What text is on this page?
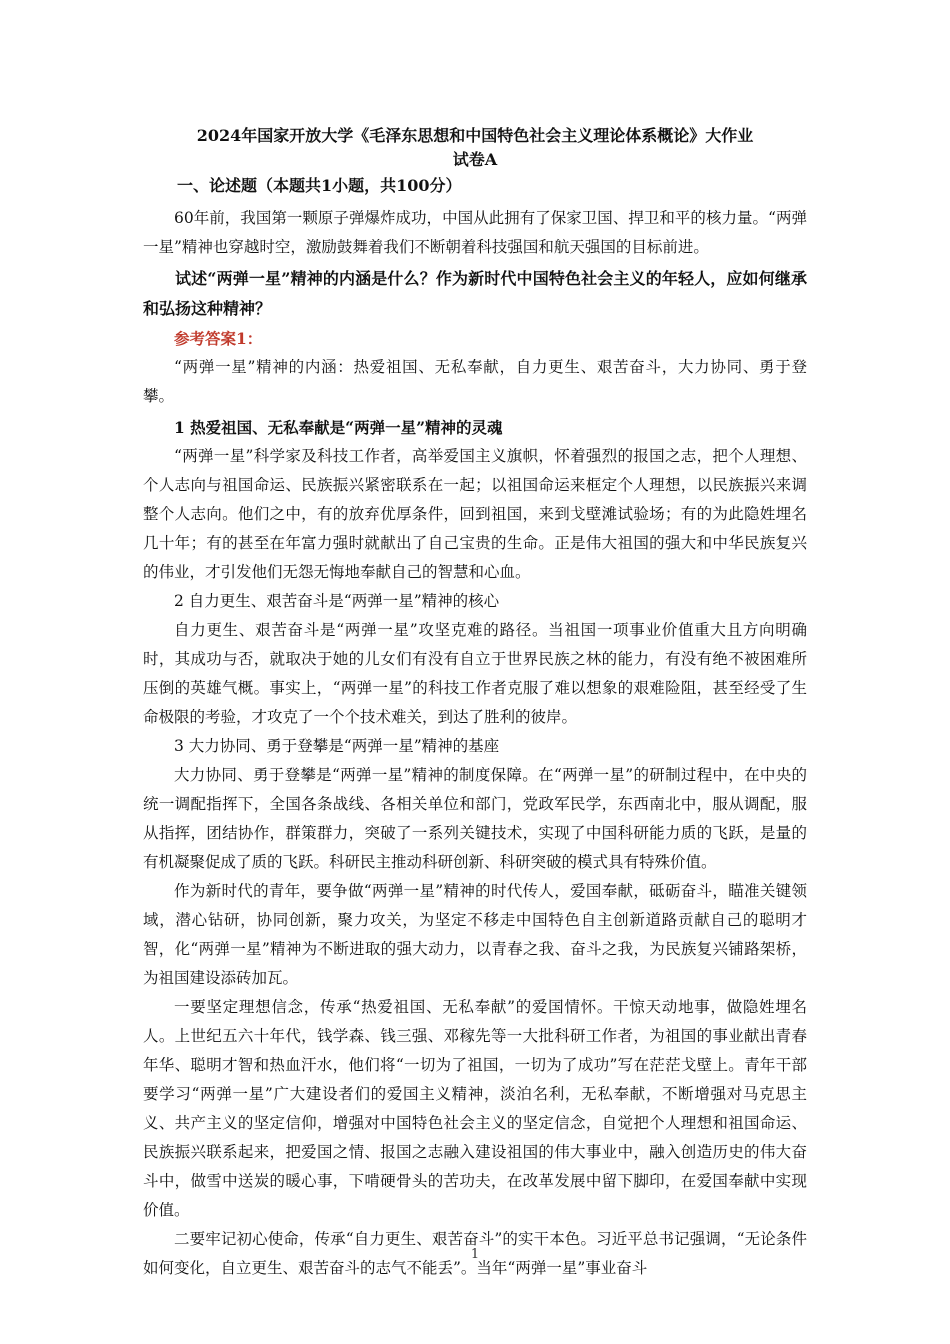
2024年国家开放大学《毛泽东思想和中国特色社会主义理论体系概论》大作业
试卷A
一、论述题（本题共1小题，共100分）

60年前，我国第一颗原子弹爆炸成功，中国从此拥有了保家卫国、捍卫和平的核力量。“两弹一星”精神也穿越时空，激励鼓舞着我们不断朝着科技强国和航天强国的目标前进。

试述“两弹一星”精神的内涵是什么？作为新时代中国特色社会主义的年轻人，应如何继承和弘扬这种精神？

参考答案1：

“两弹一星”精神的内涵：热爱祖国、无私奉献，自力更生、艰苦奋斗，大力协同、勇于登攀。

1 热爱祖国、无私奉献是“两弹一星”精神的灵魂

“两弹一星”科学家及科技工作者，高举爱国主义旗帜，怀着强烈的报国之志，把个人理想、个人志向与祖国命运、民族振兴紧密联系在一起；以祖国命运来框定个人理想，以民族振兴来调整个人志向。他们之中，有的放弃优厚条件，回到祖国，来到戈壁滩试验场；有的为此隐姓埋名几十年；有的甚至在年富力强时就献出了自己宝贵的生命。正是伟大祖国的强大和中华民族复兴的伟业，才引发他们无怨无悔地奉献自己的智慧和心血。

2 自力更生、艰苦奋斗是“两弹一星”精神的核心

自力更生、艰苦奋斗是“两弹一星”攻坚克难的路径。当祖国一项事业价值重大且方向明确时，其成功与否，就取决于她的儿女们有没有自立于世界民族之林的能力，有没有绝不被困难所压倒的英雄气概。事实上，“两弹一星”的科技工作者克服了难以想象的艰难险阻，甚至经受了生命极限的考验，才攻克了一个个技术难关，到达了胜利的彼岸。

3 大力协同、勇于登攀是“两弹一星”精神的基座

大力协同、勇于登攀是“两弹一星”精神的制度保障。在“两弹一星”的研制过程中，在中央的统一调配指挥下，全国各条战线、各相关单位和部门，党政军民学，东西南北中，服从调配，服从指挥，团结协作，群策群力，突破了一系列关键技术，实现了中国科研能力质的飞跃，是量的有机凝聚促成了质的飞跃。科研民主推动科研创新、科研突破的模式具有特殊价值。

作为新时代的青年，要争做“两弹一星”精神的时代传人，爱国奉献，砥砺奋斗，瞄准关键领域，潜心钻研，协同创新，聚力攻关，为坚定不移走中国特色自主创新道路贡献自己的聪明才智，化“两弹一星”精神为不断进取的强大动力，以青春之我、奋斗之我，为民族复兴铺路架桥，为祖国建设添砖加瓦。

一要坚定理想信念，传承“热爱祖国、无私奉献”的爱国情怀。干惊天动地事，做隐姓埋名人。上世纪五六十年代，钱学森、钱三强、邓稼先等一大批科研工作者，为祖国的事业献出青春年华、聪明才智和热血汗水，他们将“一切为了祖国，一切为了成功”写在茫茫戈壁上。青年干部要学习“两弹一星”广大建设者们的爱国主义精神，淡泊名利，无私奉献，不断增强对马克思主义、共产主义的坚定信仰，增强对中国特色社会主义的坚定信念，自觉把个人理想和祖国命运、民族振兴联系起来，把爱国之情、报国之志融入建设祖国的伟大事业中，融入创造历史的伟大奋斗中，做雪中送炭的暖心事，下啃硬骨头的苦功夫，在改革发展中留下脚印，在爱国奉献中实现价值。

二要牢记初心使命，传承“自力更生、艰苦奋斗”的实干本色。习近平总书记强调，“无论条件如何变化，自立更生、艰苦奋斗的志气不能丢”。当年“两弹一星”事业奋斗

1
